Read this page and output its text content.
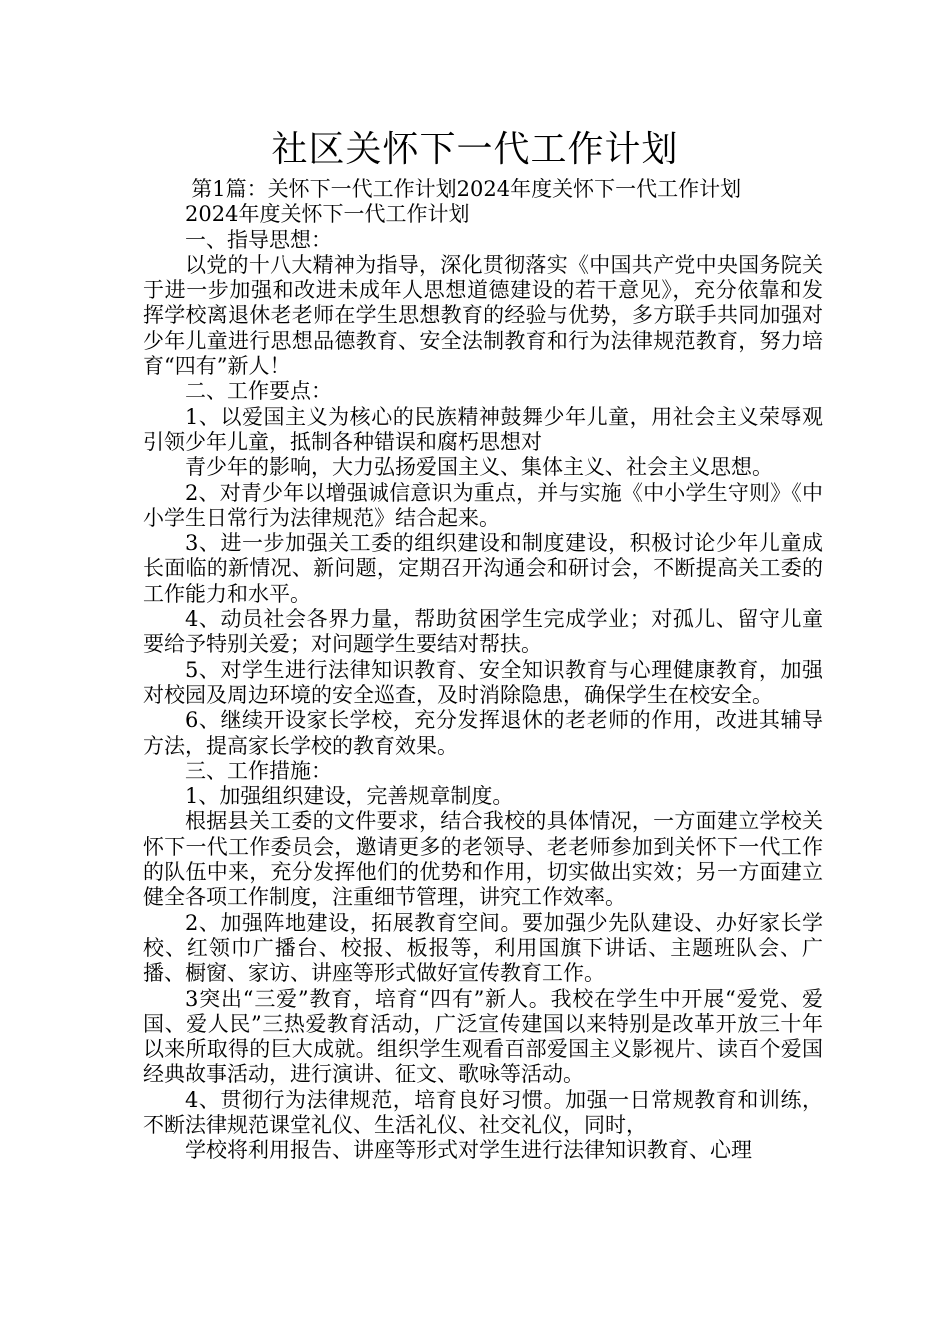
社区关怀下一代工作计划

第1篇：关怀下一代工作计划2024年度关怀下一代工作计划

2024年度关怀下一代工作计划

一、指导思想：

以党的十八大精神为指导，深化贯彻落实《中国共产党中央国务院关于进一步加强和改进未成年人思想道德建设的若干意见》，充分依靠和发挥学校离退休老老师在学生思想教育的经验与优势，多方联手共同加强对少年儿童进行思想品德教育、安全法制教育和行为法律规范教育，努力培育“四有”新人！

二、工作要点：

1、以爱国主义为核心的民族精神鼓舞少年儿童，用社会主义荣辱观引领少年儿童，抵制各种错误和腐朽思想对

青少年的影响，大力弘扬爱国主义、集体主义、社会主义思想。

2、对青少年以增强诚信意识为重点，并与实施《中小学生守则》《中小学生日常行为法律规范》结合起来。

3、进一步加强关工委的组织建设和制度建设，积极讨论少年儿童成长面临的新情况、新问题，定期召开沟通会和研讨会，不断提高关工委的工作能力和水平。

4、动员社会各界力量，帮助贫困学生完成学业；对孤儿、留守儿童要给予特别关爱；对问题学生要结对帮扶。

5、对学生进行法律知识教育、安全知识教育与心理健康教育，加强对校园及周边环境的安全巡查，及时消除隐患，确保学生在校安全。

6、继续开设家长学校，充分发挥退休的老老师的作用，改进其辅导方法，提高家长学校的教育效果。

三、工作措施：

1、加强组织建设，完善规章制度。

根据县关工委的文件要求，结合我校的具体情况，一方面建立学校关怀下一代工作委员会，邀请更多的老领导、老老师参加到关怀下一代工作的队伍中来，充分发挥他们的优势和作用，切实做出实效；另一方面建立健全各项工作制度，注重细节管理，讲究工作效率。

2、加强阵地建设，拓展教育空间。要加强少先队建设、办好家长学校、红领巾广播台、校报、板报等，利用国旗下讲话、主题班队会、广播、橱窗、家访、讲座等形式做好宣传教育工作。

3突出“三爱”教育，培育“四有”新人。我校在学生中开展“爱党、爱国、爱人民”三热爱教育活动，广泛宣传建国以来特别是改革开放三十年以来所取得的巨大成就。组织学生观看百部爱国主义影视片、读百个爱国经典故事活动，进行演讲、征文、歌咏等活动。

4、贯彻行为法律规范，培育良好习惯。加强一日常规教育和训练，不断法律规范课堂礼仪、生活礼仪、社交礼仪，同时，

学校将利用报告、讲座等形式对学生进行法律知识教育、心理
